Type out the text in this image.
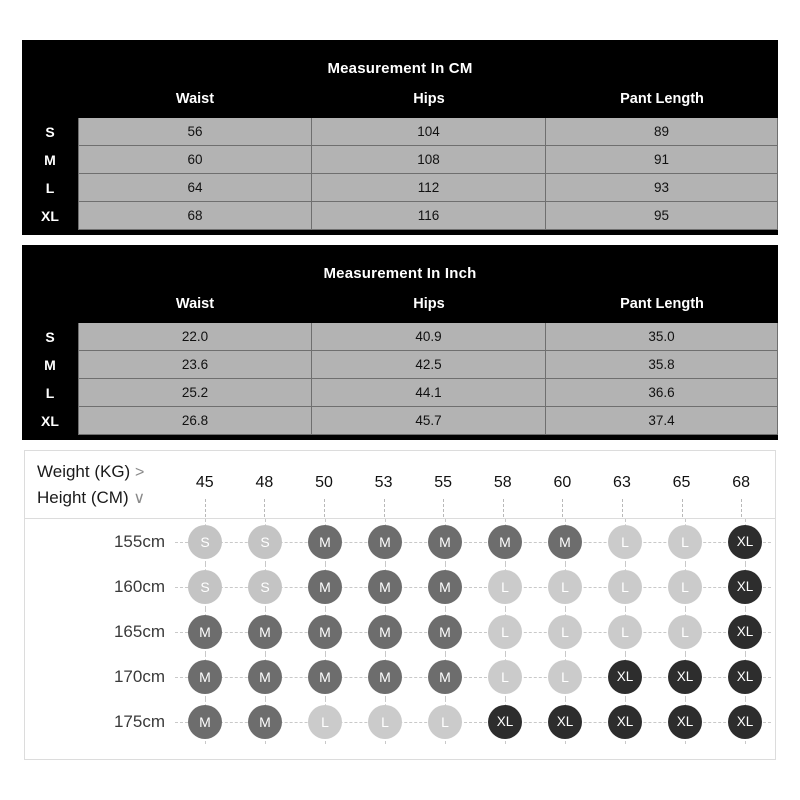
Measurement In CM
Waist	Hips	Pant Length
S	56	104	89
M	60	108	91
L	64	112	93
XL	68	116	95
Measurement In Inch
Waist	Hips	Pant Length
S	22.0	40.9	35.0
M	23.6	42.5	35.8
L	25.2	44.1	36.6
XL	26.8	45.7	37.4
Weight (KG) >
Height (CM) ∨
45	48	50	53	55	58	60	63	65	68
155cm	S	S	M	M	M	M	M	L	L	XL
160cm	S	S	M	M	M	L	L	L	L	XL
165cm	M	M	M	M	M	L	L	L	L	XL
170cm	M	M	M	M	M	L	L	XL	XL	XL
175cm	M	M	L	L	L	XL	XL	XL	XL	XL
